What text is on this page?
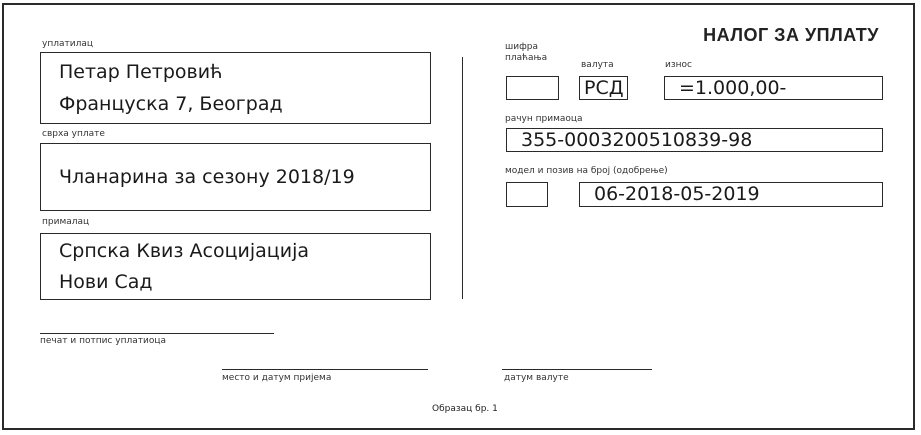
НАЛОГ ЗА УПЛАТУ
уплатилац
Петар Петровић
Француска 7, Београд
сврха уплате
Чланарина за сезону 2018/19
прималац
Српска Квиз Асоцијација
Нови Сад
печат и потпис уплатиоца
шифра
плаћања
валута
РСД
износ
=1.000,00-
рачун примаоца
355-0003200510839-98
модел и позив на број (одобрење)
06-2018-05-2019
место и датум пријема	датум валуте
Образац бр. 1
